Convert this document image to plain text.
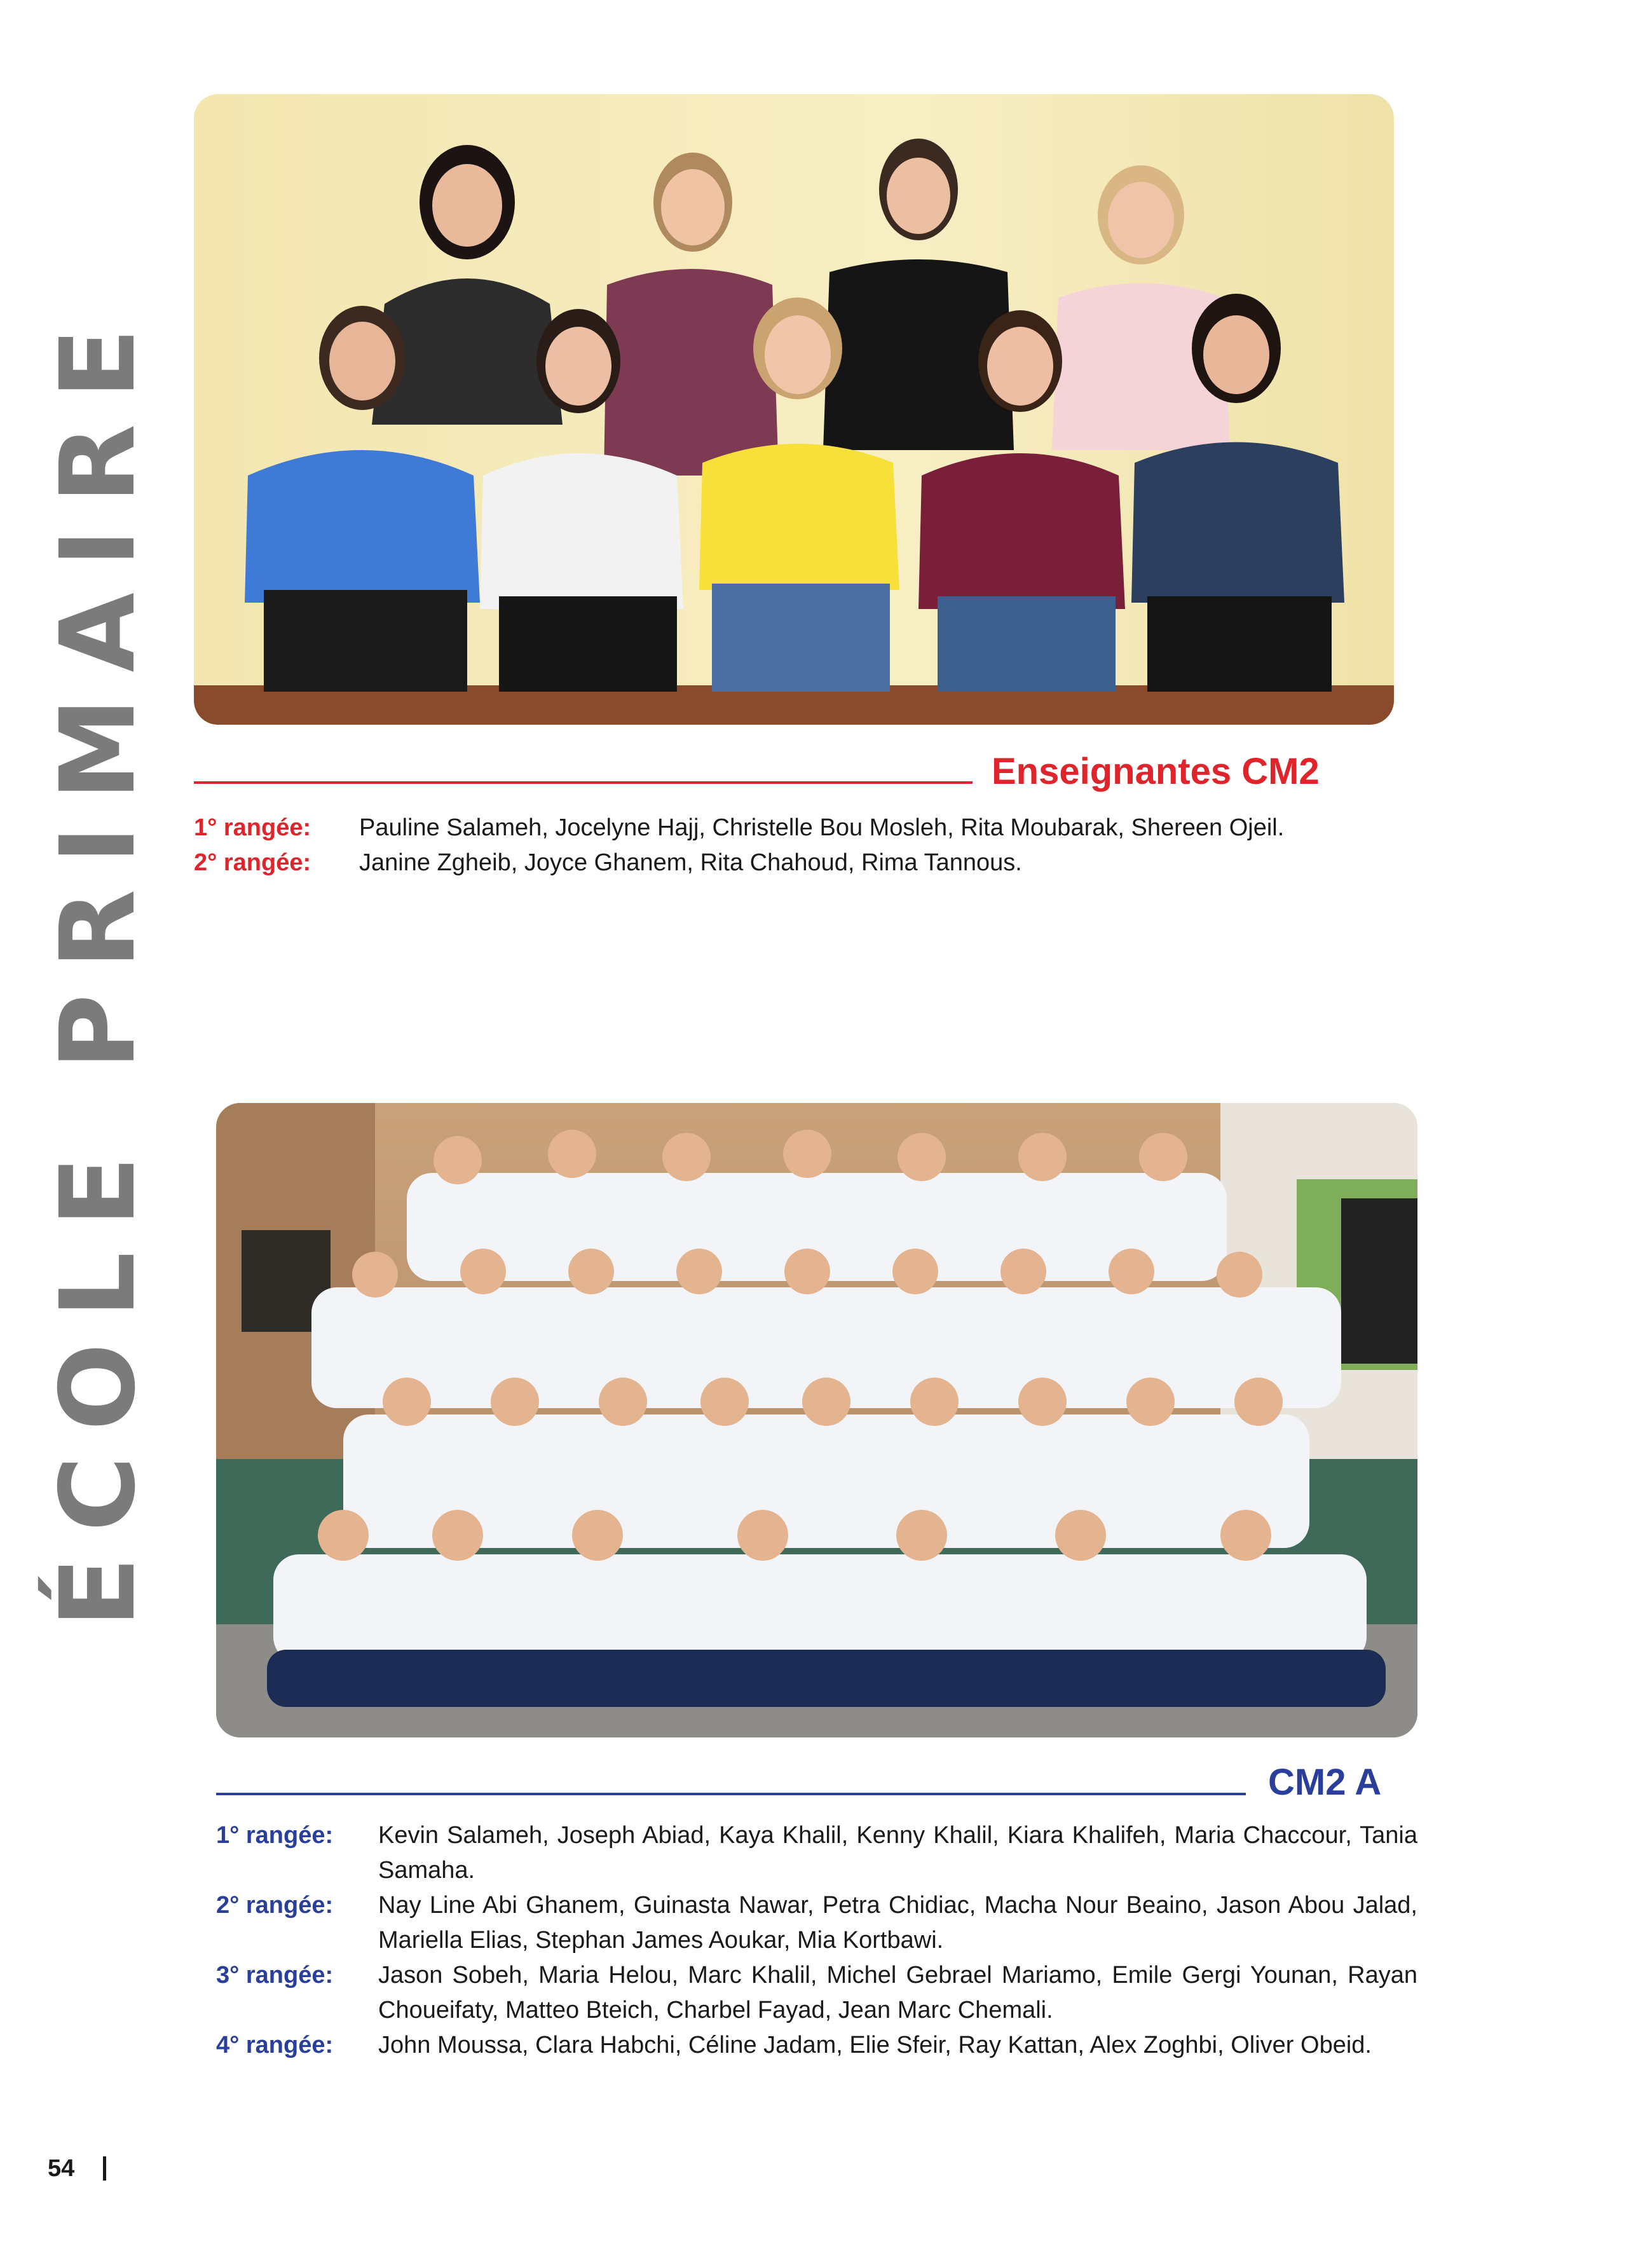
ÉCOLE PRIMAIRE	Enseignantes CM2
1° rangée:	Pauline Salameh, Jocelyne Hajj, Christelle Bou Mosleh, Rita Moubarak, Shereen Ojeil.
2° rangée:	Janine Zgheib, Joyce Ghanem, Rita Chahoud, Rima Tannous.
CM2 A
1° rangée:	Kevin Salameh, Joseph Abiad, Kaya Khalil, Kenny Khalil, Kiara Khalifeh, Maria Chaccour, Tania Samaha.
2° rangée:	Nay Line Abi Ghanem, Guinasta Nawar, Petra Chidiac, Macha Nour Beaino, Jason Abou Jalad, Mariella Elias, Stephan James Aoukar, Mia Kortbawi.
3° rangée:	Jason Sobeh, Maria Helou, Marc Khalil, Michel Gebrael Mariamo, Emile Gergi Younan, Rayan Choueifaty, Matteo Bteich, Charbel Fayad, Jean Marc Chemali.
4° rangée:	John Moussa, Clara Habchi, Céline Jadam, Elie Sfeir, Ray Kattan, Alex Zoghbi, Oliver Obeid.
54
